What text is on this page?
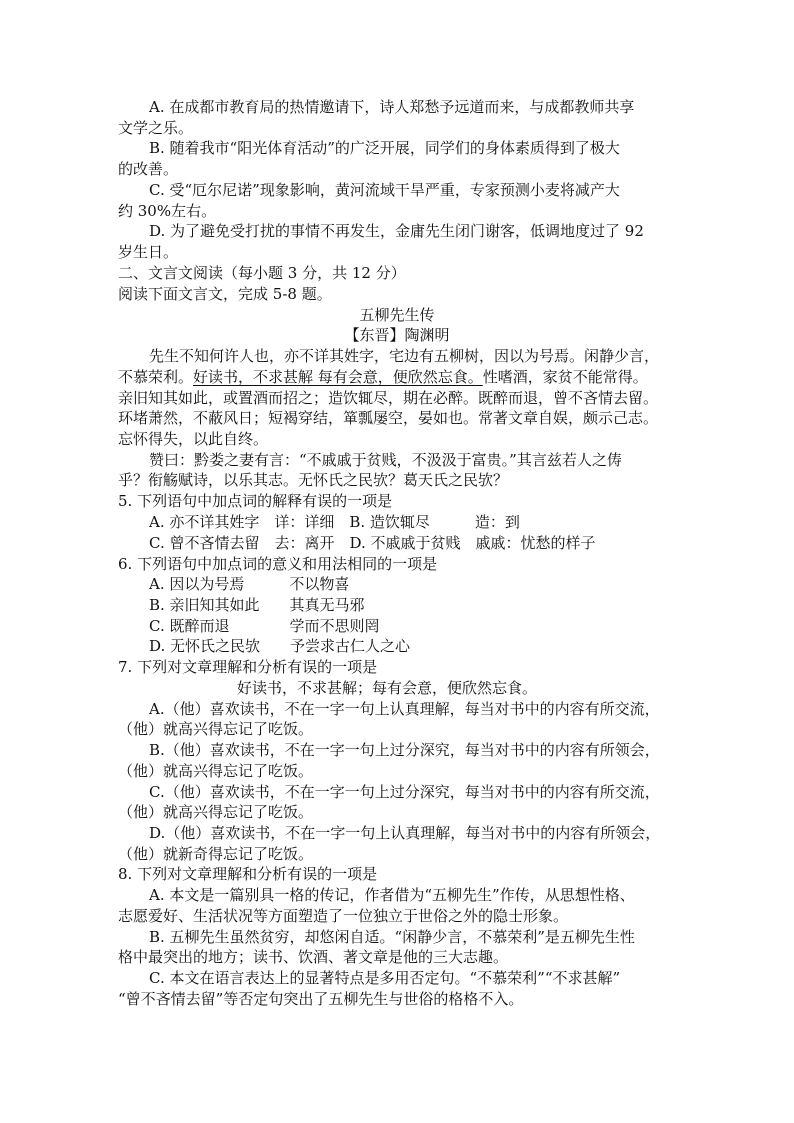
A. 在成都市教育局的热情邀请下，诗人郑愁予远道而来，与成都教师共享
文学之乐。
B. 随着我市“阳光体育活动”的广泛开展，同学们的身体素质得到了极大
的改善。
C. 受“厄尔尼诺”现象影响，黄河流域干旱严重，专家预测小麦将减产大
约 30%左右。
D. 为了避免受打扰的事情不再发生，金庸先生闭门谢客，低调地度过了 92
岁生日。
二、文言文阅读（每小题 3 分，共 12 分）
阅读下面文言文，完成 5-8 题。
五柳先生传
【东晋】陶渊明
先生不知何许人也，亦不详其姓字，宅边有五柳树，因以为号焉。闲静少言，
不慕荣利。好读书，不求甚解 每有会意，便欣然忘食。性嗜酒，家贫不能常得。
亲旧知其如此，或置酒而招之；造饮辄尽，期在必醉。既醉而退，曾不吝情去留。
环堵萧然，不蔽风日；短褐穿结，箪瓢屡空，晏如也。常著文章自娱，颇示己志。
忘怀得失，以此自终。
赞曰：黔娄之妻有言：“不戚戚于贫贱，不汲汲于富贵。”其言兹若人之俦
乎？衔觞赋诗，以乐其志。无怀氏之民欤？葛天氏之民欤？
5. 下列语句中加点词的解释有误的一项是
A. 亦不详其姓字　详：详细　B. 造饮辄尽　　　造：到
C. 曾不吝情去留　去：离开　D. 不戚戚于贫贱　戚戚：忧愁的样子
6. 下列语句中加点词的意义和用法相同的一项是
A. 因以为号焉　　　不以物喜
B. 亲旧知其如此　　其真无马邪
C. 既醉而退　　　　学而不思则罔
D. 无怀氏之民欤　　予尝求古仁人之心
7. 下列对文章理解和分析有误的一项是
好读书，不求甚解；每有会意，便欣然忘食。
A.（他）喜欢读书，不在一字一句上认真理解，每当对书中的内容有所交流，
（他）就高兴得忘记了吃饭。
B.（他）喜欢读书，不在一字一句上过分深究，每当对书中的内容有所领会，
（他）就高兴得忘记了吃饭。
C.（他）喜欢读书，不在一字一句上过分深究，每当对书中的内容有所交流，
（他）就高兴得忘记了吃饭。
D.（他）喜欢读书，不在一字一句上认真理解，每当对书中的内容有所领会，
（他）就新奇得忘记了吃饭。
8. 下列对文章理解和分析有误的一项是
A. 本文是一篇别具一格的传记，作者借为“五柳先生”作传，从思想性格、
志愿爱好、生活状况等方面塑造了一位独立于世俗之外的隐士形象。
B. 五柳先生虽然贫穷，却悠闲自适。“闲静少言，不慕荣利”是五柳先生性
格中最突出的地方；读书、饮酒、著文章是他的三大志趣。
C. 本文在语言表达上的显著特点是多用否定句。“不慕荣利”“不求甚解”
“曾不吝情去留”等否定句突出了五柳先生与世俗的格格不入。
